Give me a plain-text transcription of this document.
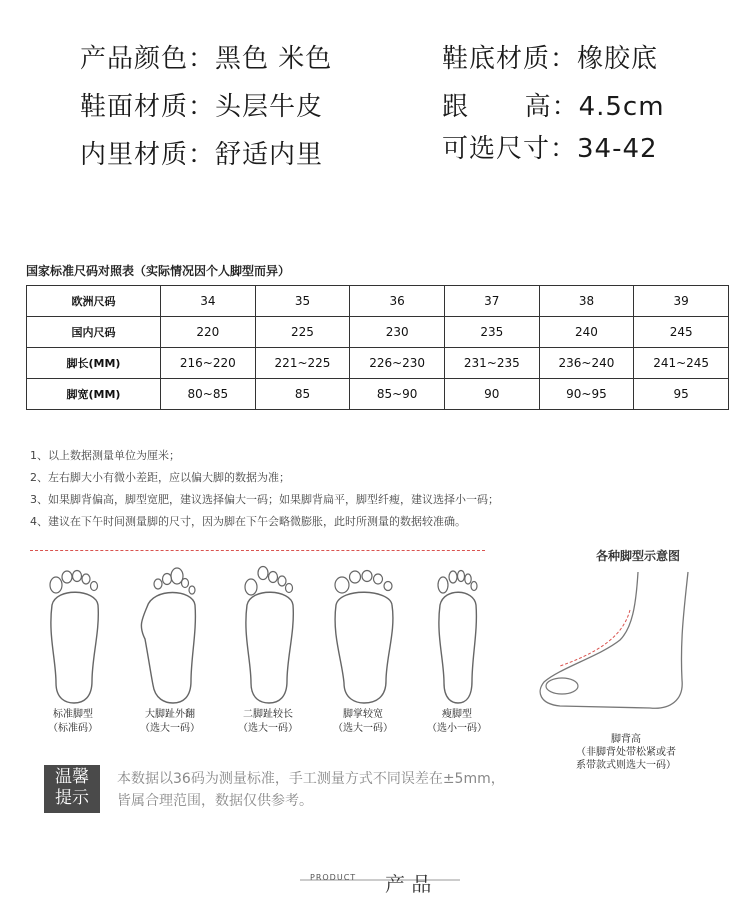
产品颜色：黑色 米色
鞋面材质：头层牛皮
内里材质：舒适内里
鞋底材质：橡胶底
跟      高：4.5cm
可选尺寸：34-42
国家标准尺码对照表（实际情况因个人脚型而异）
欧洲尺码	34	35	36	37	38	39
国内尺码	220	225	230	235	240	245
脚长(MM)	216~220	221~225	226~230	231~235	236~240	241~245
脚宽(MM)	80~85	85	85~90	90	90~95	95
1、以上数据测量单位为厘米；
2、左右脚大小有微小差距，应以偏大脚的数据为准；
3、如果脚背偏高，脚型宽肥，建议选择偏大一码；如果脚背扁平，脚型纤瘦，建议选择小一码；
4、建议在下午时间测量脚的尺寸，因为脚在下午会略微膨胀，此时所测量的数据较准确。
各种脚型示意图
标准脚型
（标准码）
大脚趾外翻
（选大一码）
二脚趾较长
（选大一码）
脚掌较宽
（选大一码）
瘦脚型
（选小一码）
脚背高
（非脚背处带松紧或者
系带款式则选大一码）
温馨
提示
本数据以36码为测量标准，手工测量方式不同误差在±5mm，
皆属合理范围，数据仅供参考。
PRODUCT 产 品
